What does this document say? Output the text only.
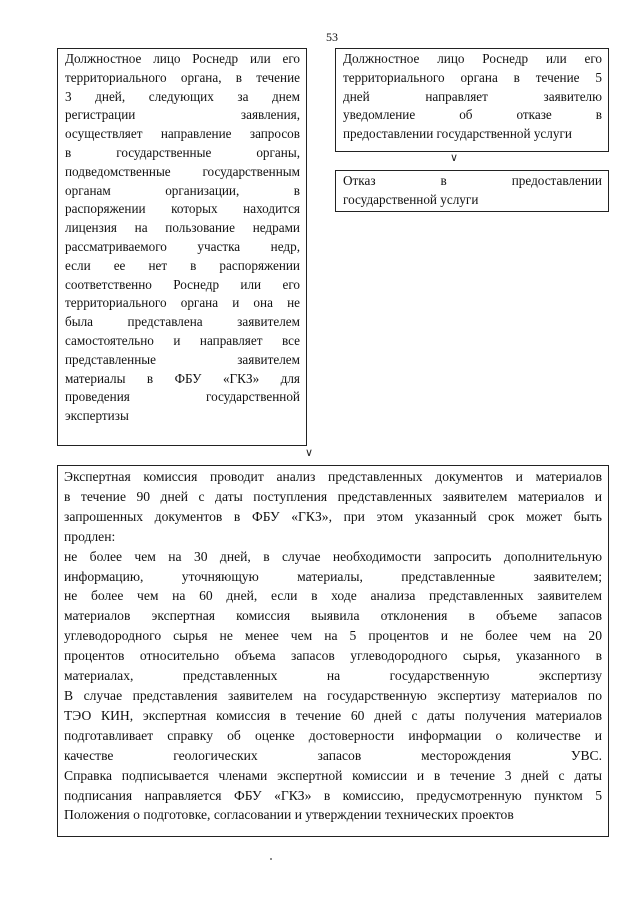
53
Должностное лицо Роснедр или его
территориального органа, в течение
3 дней, следующих за днем
регистрации заявления,
осуществляет направление запросов
в государственные органы,
подведомственные государственным
органам организации, в
распоряжении которых находится
лицензия на пользование недрами
рассматриваемого участка недр,
если ее нет в распоряжении
соответственно Роснедр или его
территориального органа и она не
была представлена заявителем
самостоятельно и направляет все
представленные заявителем
материалы в ФБУ «ГКЗ» для
проведения государственной
экспертизы
Должностное лицо Роснедр или его
территориального органа в течение 5
дней направляет заявителю
уведомление об отказе в
предоставлении государственной услуги
∨
Отказ в предоставлении
государственной услуги
∨
Экспертная комиссия проводит анализ представленных документов и материалов
в течение 90 дней с даты поступления представленных заявителем материалов и
запрошенных документов в ФБУ «ГКЗ», при этом указанный срок может быть
продлен:
не более чем на 30 дней, в случае необходимости запросить дополнительную
информацию, уточняющую материалы, представленные заявителем;
не более чем на 60 дней, если в ходе анализа представленных заявителем
материалов экспертная комиссия выявила отклонения в объеме запасов
углеводородного сырья не менее чем на 5 процентов и не более чем на 20
процентов относительно объема запасов углеводородного сырья, указанного в
материалах, представленных на государственную экспертизу
В случае представления заявителем на государственную экспертизу материалов по
ТЭО КИН, экспертная комиссия в течение 60 дней с даты получения материалов
подготавливает справку об оценке достоверности информации о количестве и
качестве геологических запасов месторождения УВС.
Справка подписывается членами экспертной комиссии и в течение 3 дней с даты
подписания направляется ФБУ «ГКЗ» в комиссию, предусмотренную пунктом 5
Положения о подготовке, согласовании и утверждении технических проектов
